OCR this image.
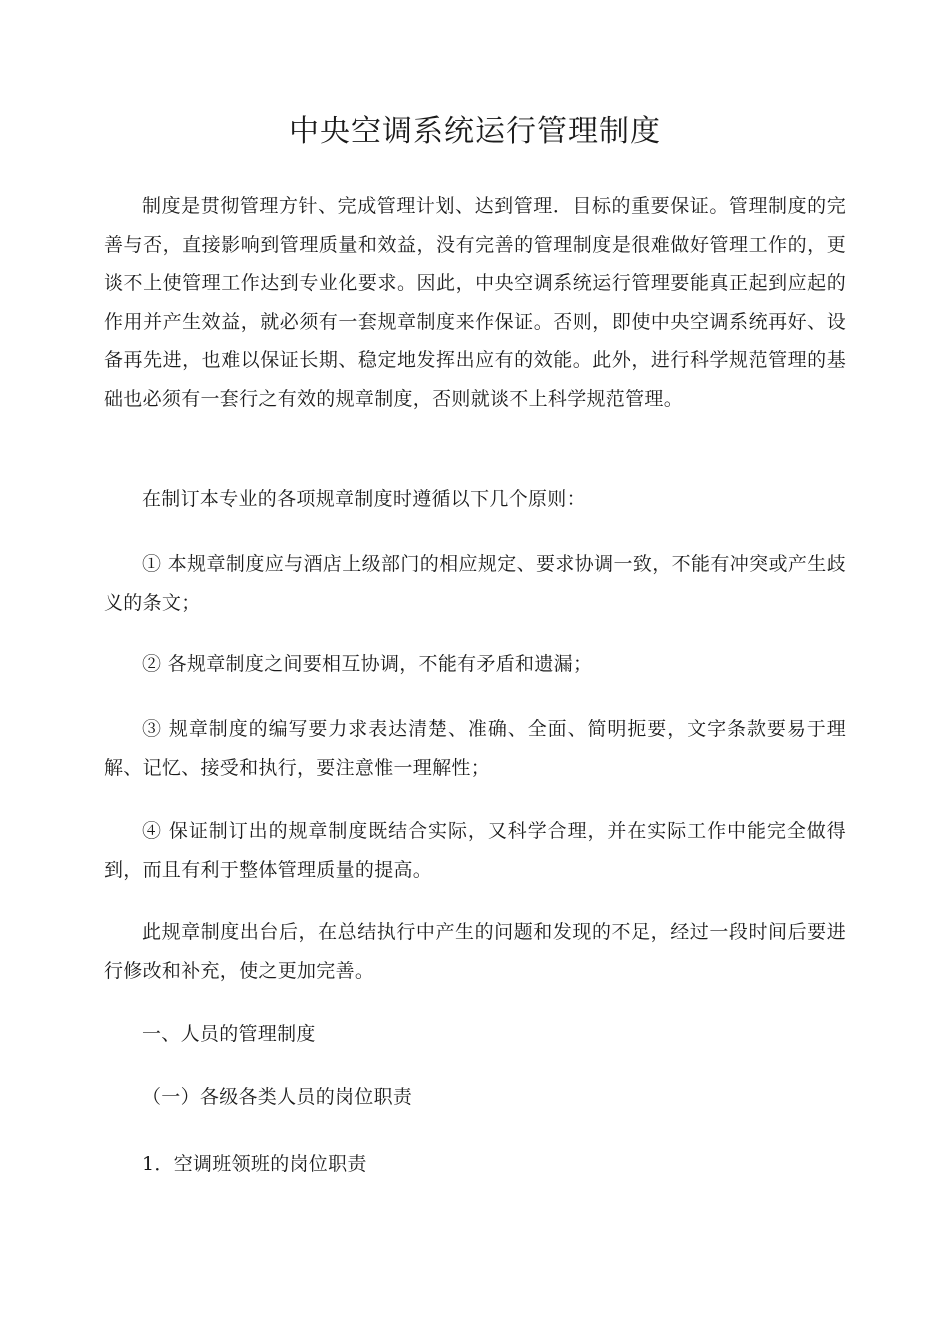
中央空调系统运行管理制度

制度是贯彻管理方针、完成管理计划、达到管理．目标的重要保证。管理制度的完善与否，直接影响到管理质量和效益，没有完善的管理制度是很难做好管理工作的，更谈不上使管理工作达到专业化要求。因此，中央空调系统运行管理要能真正起到应起的作用并产生效益，就必须有一套规章制度来作保证。否则，即使中央空调系统再好、设备再先进，也难以保证长期、稳定地发挥出应有的效能。此外，进行科学规范管理的基础也必须有一套行之有效的规章制度，否则就谈不上科学规范管理。

在制订本专业的各项规章制度时遵循以下几个原则：

① 本规章制度应与酒店上级部门的相应规定、要求协调一致，不能有冲突或产生歧义的条文；

② 各规章制度之间要相互协调，不能有矛盾和遗漏；

③ 规章制度的编写要力求表达清楚、准确、全面、简明扼要，文字条款要易于理解、记忆、接受和执行，要注意惟一理解性；

④ 保证制订出的规章制度既结合实际，又科学合理，并在实际工作中能完全做得到，而且有利于整体管理质量的提高。

此规章制度出台后，在总结执行中产生的问题和发现的不足，经过一段时间后要进行修改和补充，使之更加完善。

一、人员的管理制度

（一）各级各类人员的岗位职责

1．空调班领班的岗位职责
